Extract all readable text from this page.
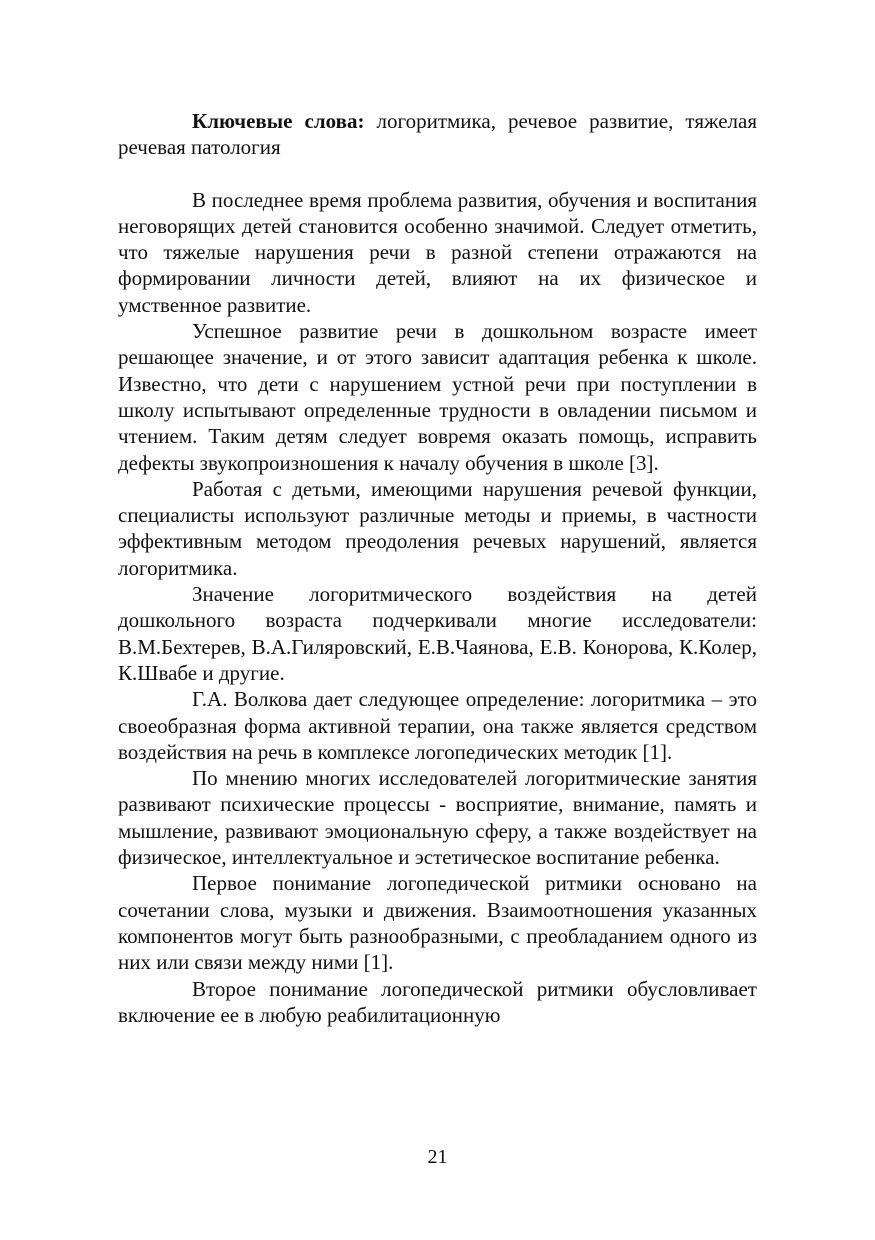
Ключевые слова: логоритмика, речевое развитие, тяжелая речевая патология

В последнее время проблема развития, обучения и воспитания неговорящих детей становится особенно значимой. Следует отметить, что тяжелые нарушения речи в разной степени отражаются на формировании личности детей, влияют на их физическое и умственное развитие.

Успешное развитие речи в дошкольном возрасте имеет решающее значение, и от этого зависит адаптация ребенка к школе. Известно, что дети с нарушением устной речи при поступлении в школу испытывают определенные трудности в овладении письмом и чтением. Таким детям следует вовремя оказать помощь, исправить дефекты звукопроизношения к началу обучения в школе [3].

Работая с детьми, имеющими нарушения речевой функции, специалисты используют различные методы и приемы, в частности эффективным методом преодоления речевых нарушений, является логоритмика.

Значение логоритмического воздействия на детей дошкольного возраста подчеркивали многие исследователи: В.М.Бехтерев, В.А.Гиляровский, Е.В.Чаянова, Е.В. Конорова, К.Колер, К.Швабе и другие.

Г.А. Волкова дает следующее определение: логоритмика – это своеобразная форма активной терапии, она также является средством воздействия на речь в комплексе логопедических методик [1].

По мнению многих исследователей логоритмические занятия развивают психические процессы - восприятие, внимание, память и мышление, развивают эмоциональную сферу, а также воздействует на физическое, интеллектуальное и эстетическое воспитание ребенка.

Первое понимание логопедической ритмики основано на сочетании слова, музыки и движения. Взаимоотношения указанных компонентов могут быть разнообразными, с преобладанием одного из них или связи между ними [1].

Второе понимание логопедической ритмики обусловливает включение ее в любую реабилитационную

21
